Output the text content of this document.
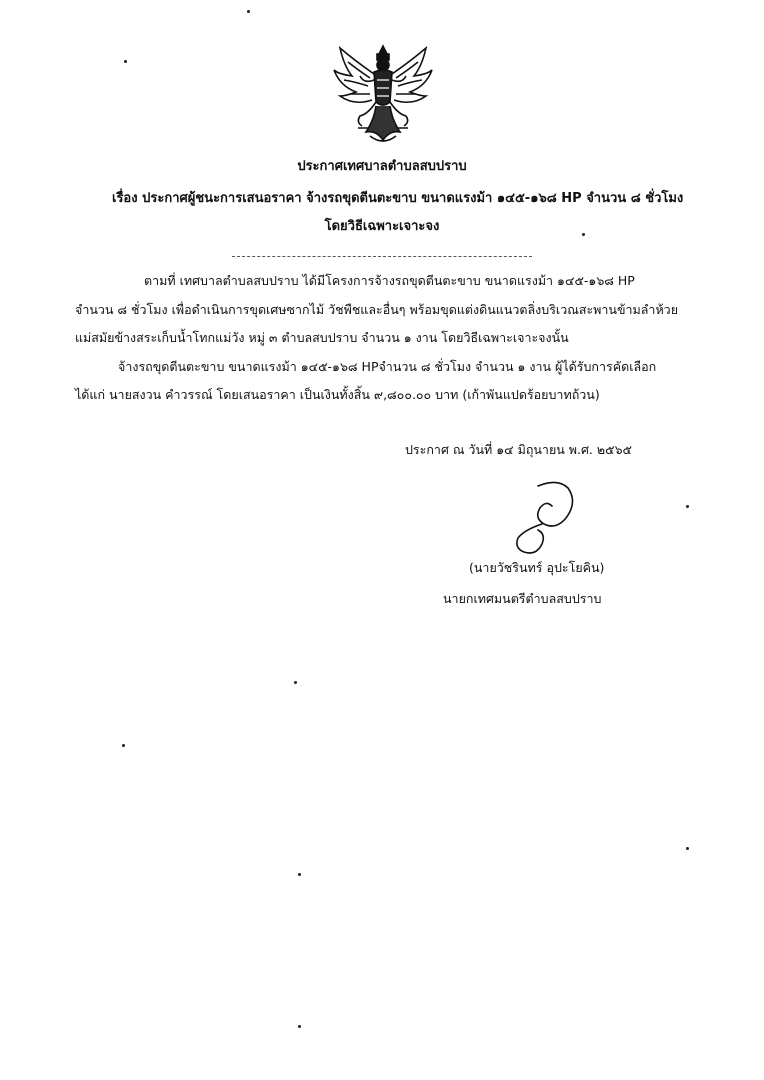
ประกาศเทศบาลตำบลสบปราบ
เรื่อง ประกาศผู้ชนะการเสนอราคา จ้างรถขุดตีนตะขาบ ขนาดแรงม้า ๑๔๕-๑๖๘ HP จำนวน ๘ ชั่วโมง
โดยวิธีเฉพาะเจาะจง
ตามที่ เทศบาลตำบลสบปราบ ได้มีโครงการจ้างรถขุดตีนตะขาบ ขนาดแรงม้า ๑๔๕-๑๖๘ HP
จำนวน ๘ ชั่วโมง เพื่อดำเนินการขุดเศษซากไม้ วัชพืชและอื่นๆ พร้อมขุดแต่งดินแนวตลิ่งบริเวณสะพานข้ามลำห้วย
แม่สมัยข้างสระเก็บน้ำโทกแม่วัง หมู่ ๓ ตำบลสบปราบ จำนวน ๑ งาน โดยวิธีเฉพาะเจาะจงนั้น
จ้างรถขุดตีนตะขาบ ขนาดแรงม้า ๑๔๕-๑๖๘ HPจำนวน ๘ ชั่วโมง จำนวน ๑ งาน ผู้ได้รับการคัดเลือก
ได้แก่ นายสงวน คำวรรณ์ โดยเสนอราคา เป็นเงินทั้งสิ้น ๙,๘๐๐.๐๐ บาท (เก้าพันแปดร้อยบาทถ้วน)
ประกาศ ณ วันที่ ๑๔ มิถุนายน พ.ศ. ๒๕๖๕
(นายวัชรินทร์ อุปะโยคิน)
นายกเทศมนตรีตำบลสบปราบ
